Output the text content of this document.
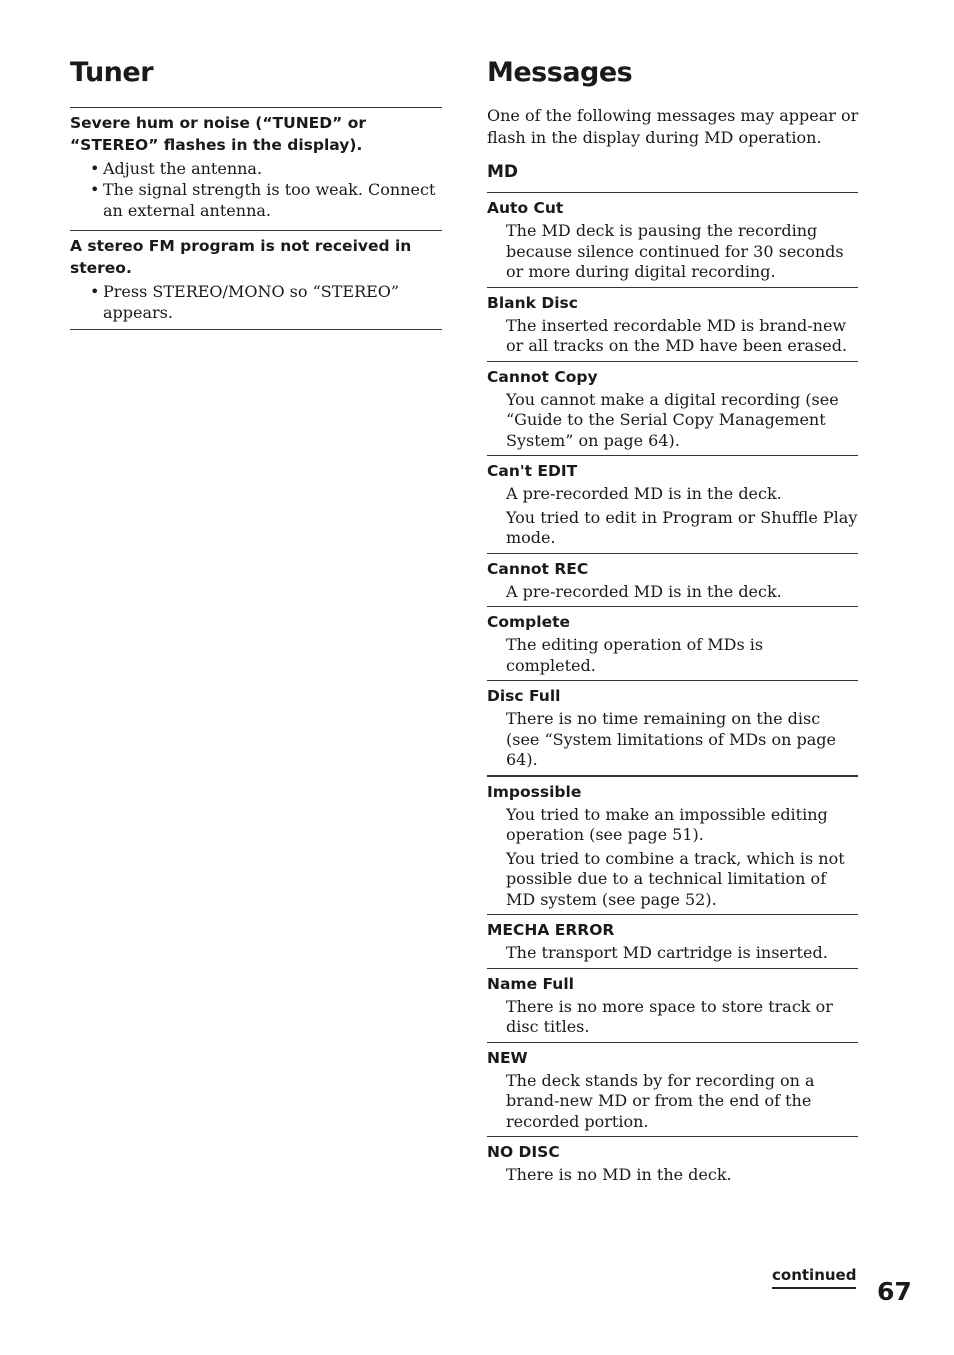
Tuner

Severe hum or noise (“TUNED” or “STEREO” flashes in the display).

• Adjust the antenna.
• The signal strength is too weak. Connect an external antenna.

A stereo FM program is not received in stereo.

• Press STEREO/MONO so “STEREO” appears.
Messages

One of the following messages may appear or flash in the display during MD operation.

MD

Auto Cut

The MD deck is pausing the recording because silence continued for 30 seconds or more during digital recording.

Blank Disc

The inserted recordable MD is brand-new or all tracks on the MD have been erased.

Cannot Copy

You cannot make a digital recording (see “Guide to the Serial Copy Management System” on page 64).

Can't EDIT

A pre-recorded MD is in the deck.

You tried to edit in Program or Shuffle Play mode.

Cannot REC

A pre-recorded MD is in the deck.

Complete

The editing operation of MDs is completed.

Disc Full

There is no time remaining on the disc (see “System limitations of MDs on page 64).

Impossible

You tried to make an impossible editing operation (see page 51).

You tried to combine a track, which is not possible due to a technical limitation of MD system (see page 52).

MECHA ERROR

The transport MD cartridge is inserted.

Name Full

There is no more space to store track or disc titles.

NEW

The deck stands by for recording on a brand-new MD or from the end of the recorded portion.

NO DISC

There is no MD in the deck.

continued
67
